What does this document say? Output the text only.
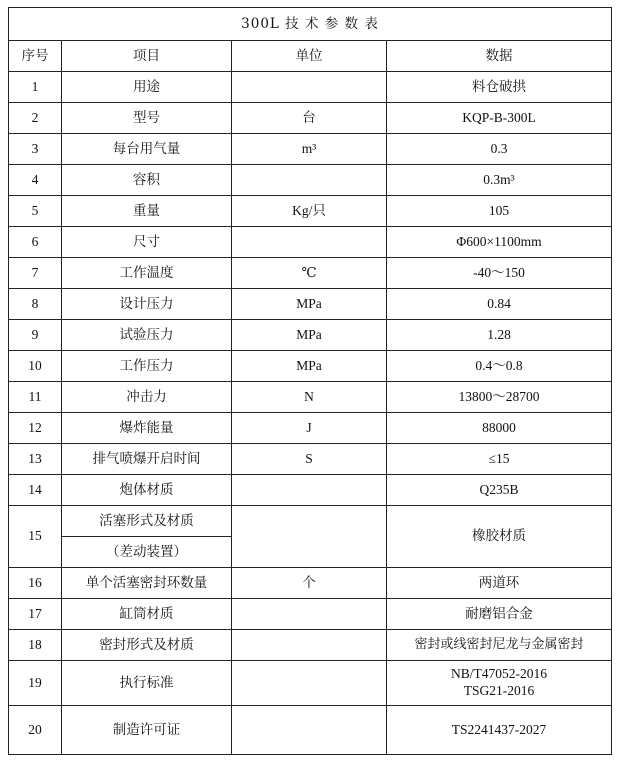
300L 技 术 参 数 表			
序号	项目	单位	数据
1	用途		料仓破拱
2	型号	台	KQP-B-300L
3	每台用气量	m³	0.3
4	容积		0.3m³
5	重量	Kg/只	105
6	尺寸		Φ600×1100mm
7	工作温度	℃	-40～150
8	设计压力	MPa	0.84
9	试验压力	MPa	1.28
10	工作压力	MPa	0.4～0.8
11	冲击力	N	13800～28700
12	爆炸能量	J	88000
13	排气喷爆开启时间	S	≤15
14	炮体材质		Q235B
15	活塞形式及材质		橡胶材质
	（差动装置）		
16	单个活塞密封环数量	个	两道环
17	缸筒材质		耐磨铝合金
18	密封形式及材质		密封或线密封尼龙与金属密封
19	执行标准		NB/T47052-2016
TSG21-2016

20	制造许可证		TS2241437-2027
